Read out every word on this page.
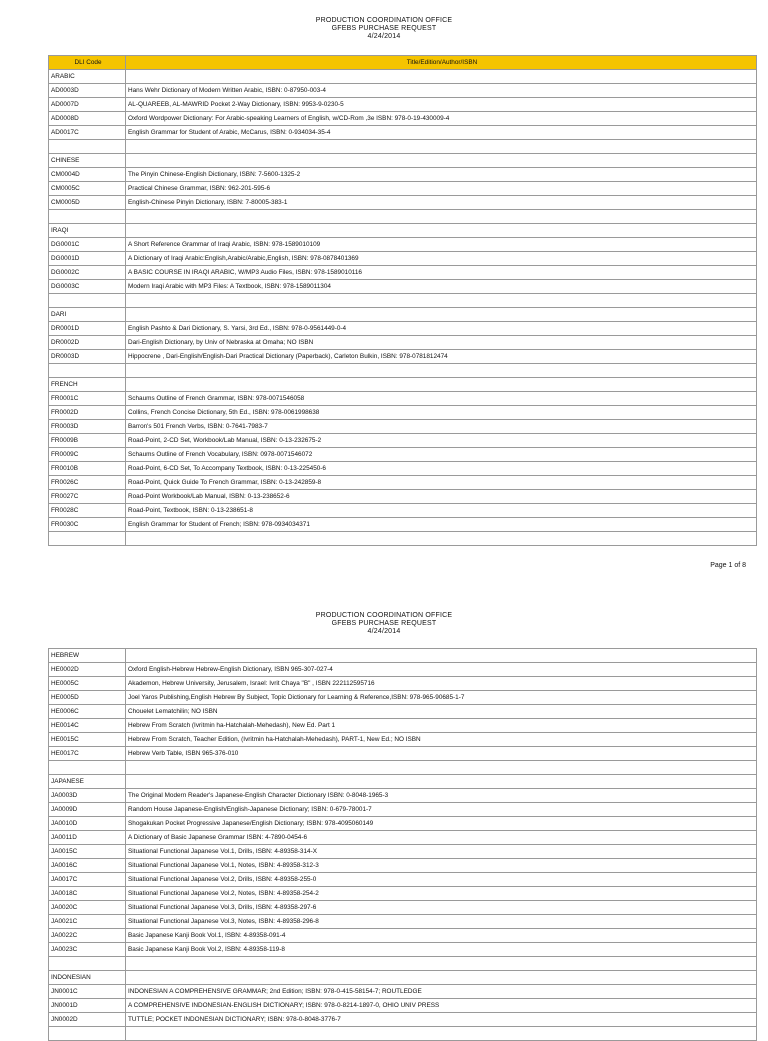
PRODUCTION COORDINATION OFFICE
GFEBS PURCHASE REQUEST
4/24/2014
DLI Code	Title/Edition/Author/ISBN
ARABIC	
AD0003D	Hans Wehr Dictionary of Modern Written Arabic, ISBN: 0-87950-003-4
AD0007D	AL-QUAREEB, AL-MAWRID Pocket 2-Way Dictionary, ISBN: 9953-9-0230-5
AD0008D	Oxford Wordpower Dictionary: For Arabic-speaking Learners of English, w/CD-Rom ,3e ISBN: 978-0-19-430009-4
AD0017C	English Grammar for Student of Arabic, McCarus, ISBN: 0-934034-35-4

CHINESE	
CM0004D	The Pinyin Chinese-English Dictionary, ISBN: 7-5600-1325-2
CM0005C	Practical Chinese Grammar, ISBN: 962-201-595-6
CM0005D	English-Chinese Pinyin Dictionary, ISBN: 7-80005-383-1

IRAQI	
DG0001C	A Short Reference Grammar of Iraqi Arabic, ISBN: 978-1589010109
DG0001D	A Dictionary of Iraqi Arabic:English,Arabic/Arabic,English, ISBN: 978-0878401369
DG0002C	A BASIC COURSE IN IRAQI ARABIC, W/MP3 Audio Files, ISBN: 978-1589010116
DG0003C	Modern Iraqi Arabic with MP3 Files: A Textbook, ISBN: 978-1589011304

DARI	
DR0001D	English Pashto & Dari Dictionary, S. Yarsi, 3rd Ed., ISBN: 978-0-9561449-0-4
DR0002D	Dari-English Dictionary, by Univ of Nebraska at Omaha; NO ISBN
DR0003D	Hippocrene , Dari-English/English-Dari Practical Dictionary (Paperback), Carleton Bulkin, ISBN: 978-0781812474

FRENCH	
FR0001C	Schaums Outline of French Grammar, ISBN: 978-0071546058
FR0002D	Collins, French Concise Dictionary, 5th Ed., ISBN: 978-0061998638
FR0003D	Barron's 501 French Verbs, ISBN: 0-7641-7983-7
FR0009B	Road-Point, 2-CD Set, Workbook/Lab Manual, ISBN: 0-13-232675-2
FR0009C	Schaums Outline of French Vocabulary, ISBN: 0978-0071546072
FR0010B	Road-Point, 6-CD Set, To Accompany Textbook, ISBN: 0-13-225450-6
FR0026C	Road-Point, Quick Guide To French Grammar, ISBN: 0-13-242859-8
FR0027C	Road-Point Workbook/Lab Manual, ISBN: 0-13-238652-6
FR0028C	Road-Point, Textbook, ISBN: 0-13-238651-8
FR0030C	English Grammar for Student of French; ISBN: 978-0934034371

Page 1 of 8
PRODUCTION COORDINATION OFFICE
GFEBS PURCHASE REQUEST
4/24/2014
HEBREW	
HE0002D	Oxford English-Hebrew Hebrew-English Dictionary, ISBN 965-307-027-4
HE0005C	Akademon, Hebrew University, Jerusalem, Israel: Ivrit Chaya "B" , ISBN 222112595716
HE0005D	Joel Yaros Publishing,English Hebrew By Subject, Topic Dictionary for Learning & Reference,ISBN: 978-965-90685-1-7
HE0006C	Chouelet Lematchilin; NO ISBN
HE0014C	Hebrew From Scratch (Ivritmin ha-Hatchalah-Mehedash), New Ed. Part 1
HE0015C	Hebrew From Scratch, Teacher Edition, (Ivritmin ha-Hatchalah-Mehedash), PART-1, New Ed.; NO ISBN
HE0017C	Hebrew Verb Table, ISBN 965-376-010

JAPANESE	
JA0003D	The Original Modern Reader's Japanese-English Character Dictionary ISBN: 0-8048-1965-3
JA0009D	Random House Japanese-English/English-Japanese Dictionary; ISBN: 0-679-78001-7
JA0010D	Shogakukan Pocket Progressive Japanese/English Dictionary; ISBN: 978-4095060149
JA0011D	A Dictionary of Basic Japanese Grammar ISBN: 4-7890-0454-6
JA0015C	Situational Functional Japanese Vol.1, Drills, ISBN: 4-89358-314-X
JA0016C	Situational Functional Japanese Vol.1, Notes, ISBN: 4-89358-312-3
JA0017C	Situational Functional Japanese Vol.2, Drills, ISBN: 4-89358-255-0
JA0018C	Situational Functional Japanese Vol.2, Notes, ISBN: 4-89358-254-2
JA0020C	Situational Functional Japanese Vol.3, Drills, ISBN: 4-89358-297-6
JA0021C	Situational Functional Japanese Vol.3, Notes, ISBN: 4-89358-296-8
JA0022C	Basic Japanese Kanji Book Vol.1, ISBN: 4-89358-091-4
JA0023C	Basic Japanese Kanji Book Vol.2, ISBN: 4-89358-119-8

INDONESIAN	
JN0001C	INDONESIAN A COMPREHENSIVE GRAMMAR; 2nd Edition; ISBN: 978-0-415-58154-7; ROUTLEDGE
JN0001D	A COMPREHENSIVE INDONESIAN-ENGLISH DICTIONARY; ISBN: 978-0-8214-1897-0, OHIO UNIV PRESS
JN0002D	TUTTLE; POCKET INDONESIAN DICTIONARY; ISBN: 978-0-8048-3776-7
